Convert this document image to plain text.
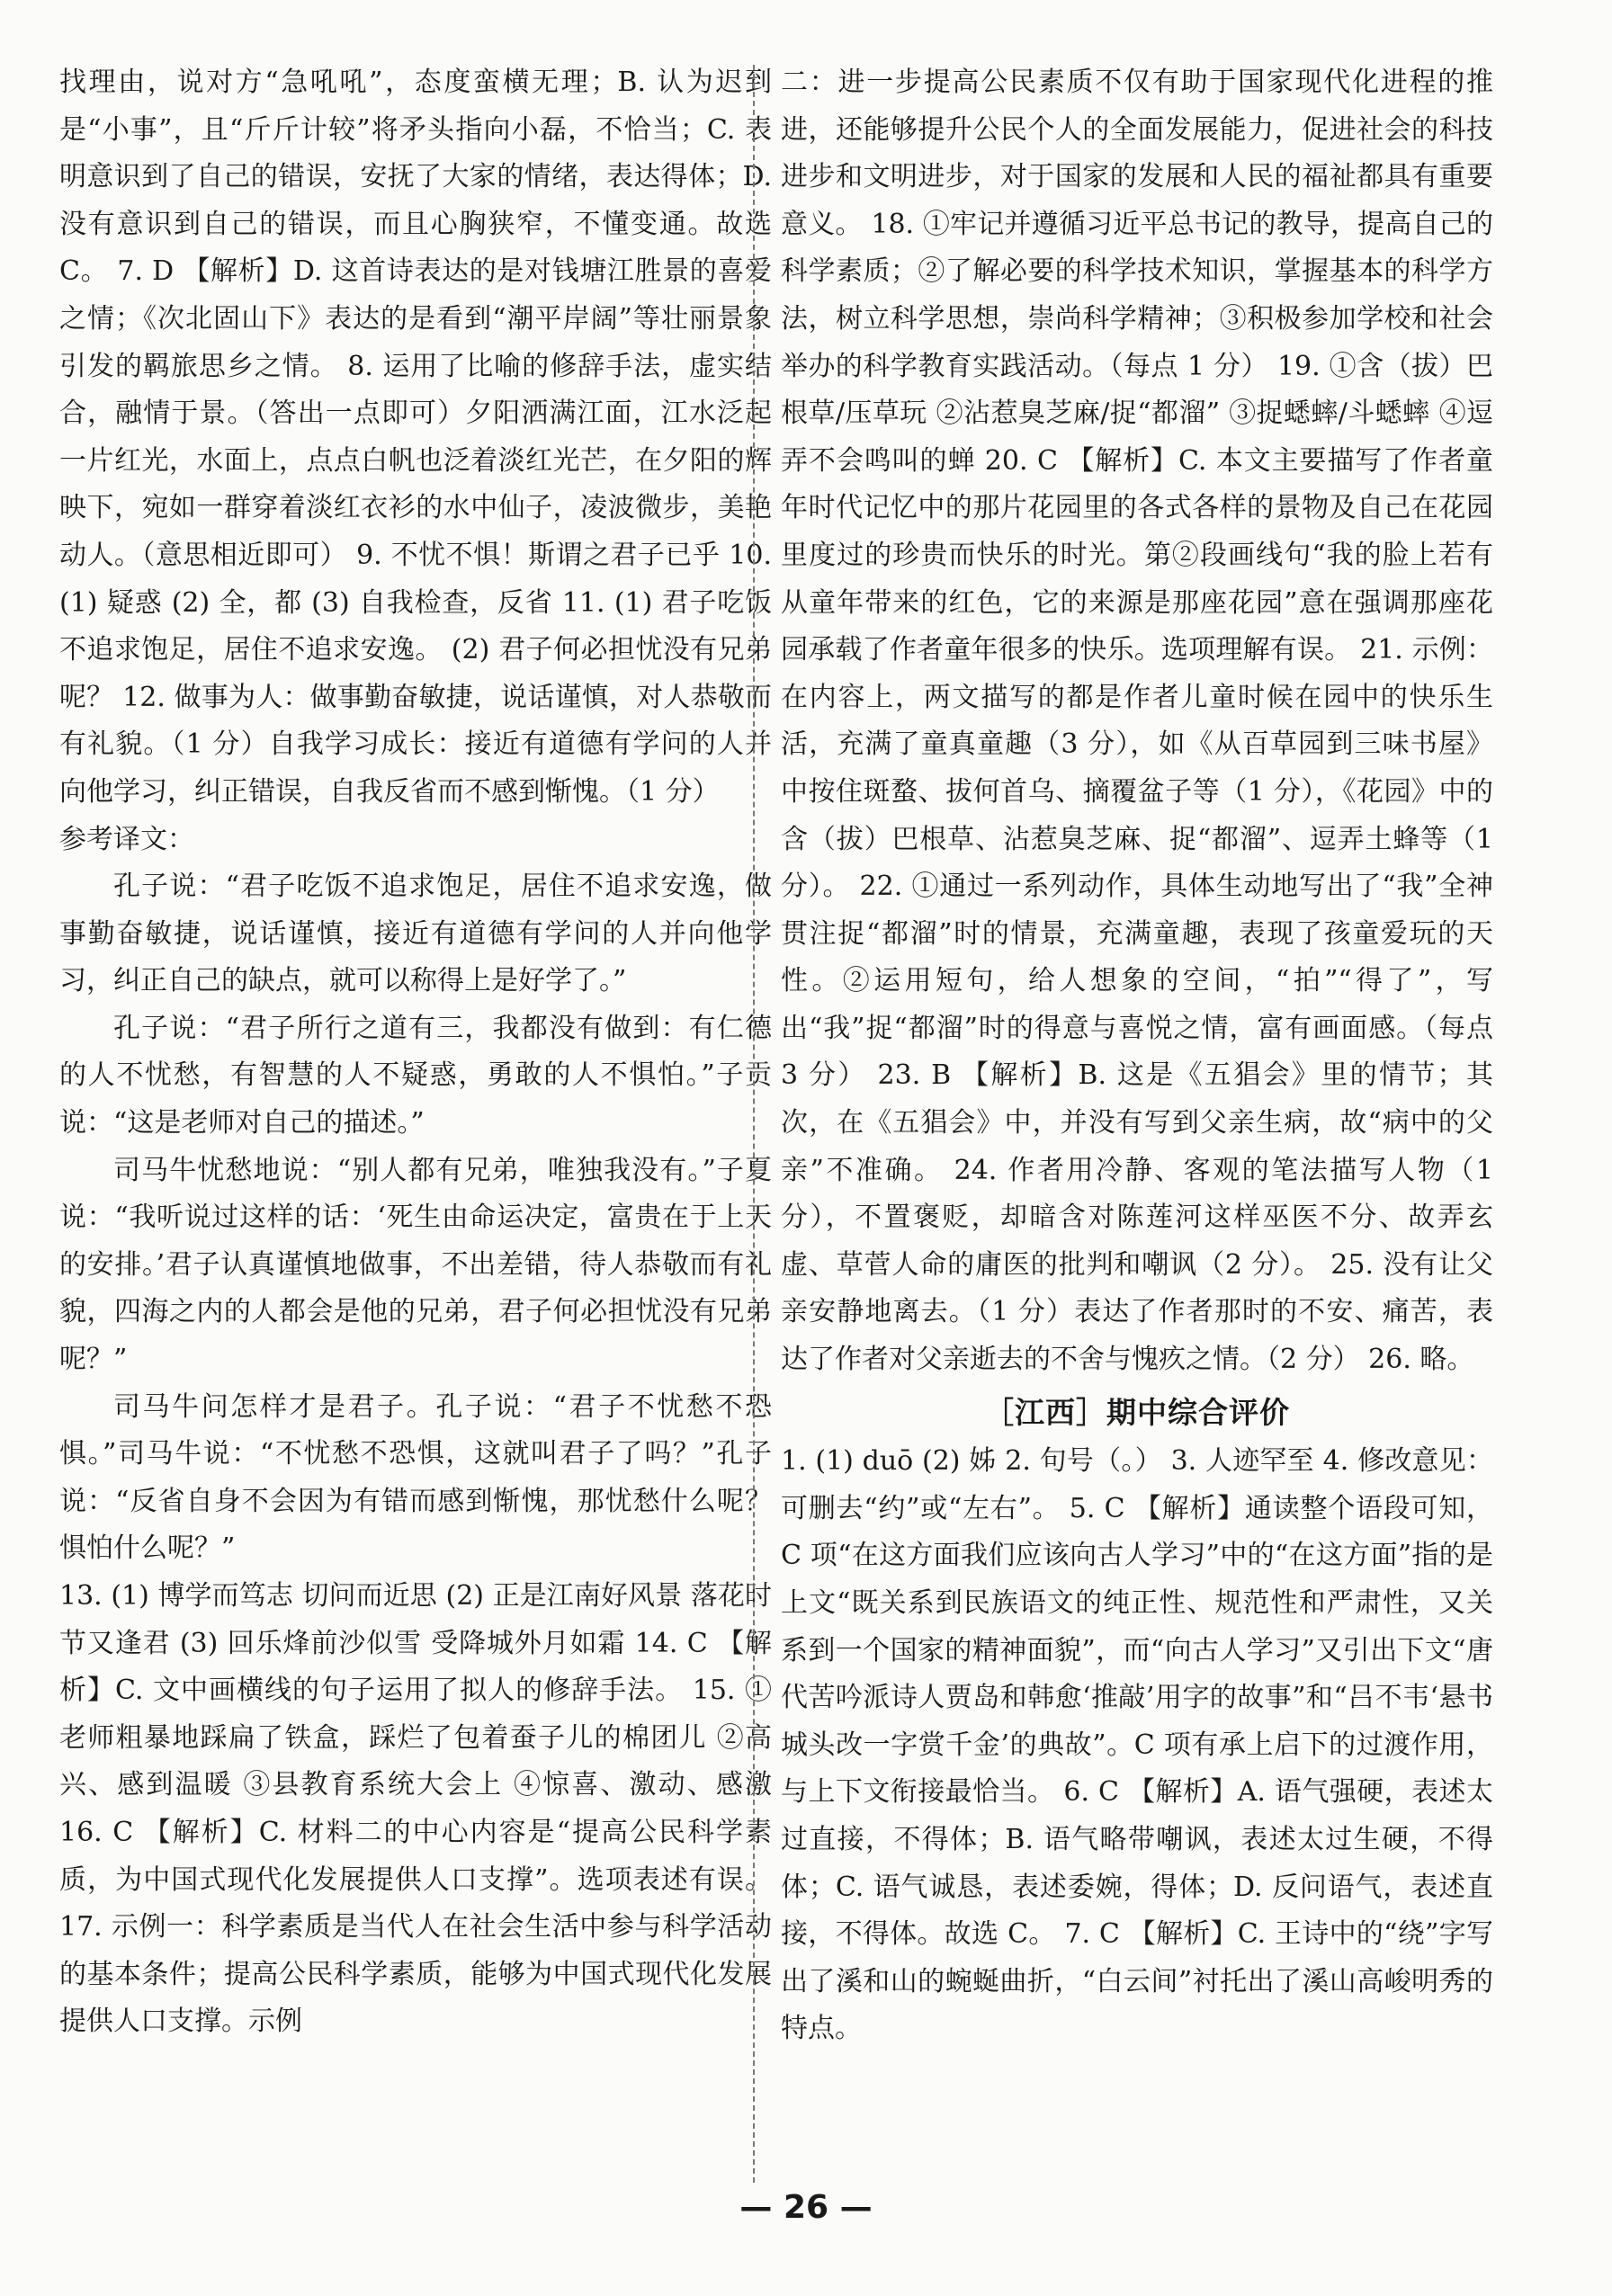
找理由，说对方“急吼吼”，态度蛮横无理；B. 认为迟到是“小事”，且“斤斤计较”将矛头指向小磊，不恰当；C. 表明意识到了自己的错误，安抚了大家的情绪，表达得体；D. 没有意识到自己的错误，而且心胸狭窄，不懂变通。故选 C。 7. D 【解析】D. 这首诗表达的是对钱塘江胜景的喜爱之情；《次北固山下》表达的是看到“潮平岸阔”等壮丽景象引发的羁旅思乡之情。 8. 运用了比喻的修辞手法，虚实结合，融情于景。（答出一点即可）夕阳洒满江面，江水泛起一片红光，水面上，点点白帆也泛着淡红光芒，在夕阳的辉映下，宛如一群穿着淡红衣衫的水中仙子，凌波微步，美艳动人。（意思相近即可） 9. 不忧不惧！斯谓之君子已乎 10. (1) 疑惑 (2) 全，都 (3) 自我检查，反省 11. (1) 君子吃饭不追求饱足，居住不追求安逸。 (2) 君子何必担忧没有兄弟呢？ 12. 做事为人：做事勤奋敏捷，说话谨慎，对人恭敬而有礼貌。（1 分）自我学习成长：接近有道德有学问的人并向他学习，纠正错误，自我反省而不感到惭愧。（1 分）

参考译文：

孔子说：“君子吃饭不追求饱足，居住不追求安逸，做事勤奋敏捷，说话谨慎，接近有道德有学问的人并向他学习，纠正自己的缺点，就可以称得上是好学了。”

孔子说：“君子所行之道有三，我都没有做到：有仁德的人不忧愁，有智慧的人不疑惑，勇敢的人不惧怕。”子贡说：“这是老师对自己的描述。”

司马牛忧愁地说：“别人都有兄弟，唯独我没有。”子夏说：“我听说过这样的话：‘死生由命运决定，富贵在于上天的安排。’君子认真谨慎地做事，不出差错，待人恭敬而有礼貌，四海之内的人都会是他的兄弟，君子何必担忧没有兄弟呢？”

司马牛问怎样才是君子。孔子说：“君子不忧愁不恐惧。”司马牛说：“不忧愁不恐惧，这就叫君子了吗？”孔子说：“反省自身不会因为有错而感到惭愧，那忧愁什么呢？惧怕什么呢？”

13. (1) 博学而笃志 切问而近思 (2) 正是江南好风景 落花时节又逢君 (3) 回乐烽前沙似雪 受降城外月如霜 14. C 【解析】C. 文中画横线的句子运用了拟人的修辞手法。 15. ①老师粗暴地踩扁了铁盒，踩烂了包着蚕子儿的棉团儿 ②高兴、感到温暖 ③县教育系统大会上 ④惊喜、激动、感激 16. C 【解析】C. 材料二的中心内容是“提高公民科学素质，为中国式现代化发展提供人口支撑”。选项表述有误。 17. 示例一：科学素质是当代人在社会生活中参与科学活动的基本条件；提高公民科学素质，能够为中国式现代化发展提供人口支撑。示例

二：进一步提高公民素质不仅有助于国家现代化进程的推进，还能够提升公民个人的全面发展能力，促进社会的科技进步和文明进步，对于国家的发展和人民的福祉都具有重要意义。 18. ①牢记并遵循习近平总书记的教导，提高自己的科学素质；②了解必要的科学技术知识，掌握基本的科学方法，树立科学思想，崇尚科学精神；③积极参加学校和社会举办的科学教育实践活动。（每点 1 分） 19. ①含（拔）巴根草/压草玩 ②沾惹臭芝麻/捉“都溜” ③捉蟋蟀/斗蟋蟀 ④逗弄不会鸣叫的蝉 20. C 【解析】C. 本文主要描写了作者童年时代记忆中的那片花园里的各式各样的景物及自己在花园里度过的珍贵而快乐的时光。第②段画线句“我的脸上若有从童年带来的红色，它的来源是那座花园”意在强调那座花园承载了作者童年很多的快乐。选项理解有误。 21. 示例：在内容上，两文描写的都是作者儿童时候在园中的快乐生活，充满了童真童趣（3 分），如《从百草园到三味书屋》中按住斑蝥、拔何首乌、摘覆盆子等（1 分），《花园》中的含（拔）巴根草、沾惹臭芝麻、捉“都溜”、逗弄土蜂等（1 分）。 22. ①通过一系列动作，具体生动地写出了“我”全神贯注捉“都溜”时的情景，充满童趣，表现了孩童爱玩的天性。②运用短句，给人想象的空间，“拍”“得了”，写出“我”捉“都溜”时的得意与喜悦之情，富有画面感。（每点 3 分） 23. B 【解析】B. 这是《五猖会》里的情节；其次，在《五猖会》中，并没有写到父亲生病，故“病中的父亲”不准确。 24. 作者用冷静、客观的笔法描写人物（1 分），不置褒贬，却暗含对陈莲河这样巫医不分、故弄玄虚、草菅人命的庸医的批判和嘲讽（2 分）。 25. 没有让父亲安静地离去。（1 分）表达了作者那时的不安、痛苦，表达了作者对父亲逝去的不舍与愧疚之情。（2 分） 26. 略。

［江西］期中综合评价

1. (1) duō (2) 姊 2. 句号（。） 3. 人迹罕至 4. 修改意见：可删去“约”或“左右”。 5. C 【解析】通读整个语段可知，C 项“在这方面我们应该向古人学习”中的“在这方面”指的是上文“既关系到民族语文的纯正性、规范性和严肃性，又关系到一个国家的精神面貌”，而“向古人学习”又引出下文“唐代苦吟派诗人贾岛和韩愈‘推敲’用字的故事”和“吕不韦‘悬书城头改一字赏千金’的典故”。C 项有承上启下的过渡作用，与上下文衔接最恰当。 6. C 【解析】A. 语气强硬，表述太过直接，不得体；B. 语气略带嘲讽，表述太过生硬，不得体；C. 语气诚恳，表述委婉，得体；D. 反问语气，表述直接，不得体。故选 C。 7. C 【解析】C. 王诗中的“绕”字写出了溪和山的蜿蜒曲折，“白云间”衬托出了溪山高峻明秀的特点。

— 26 —
